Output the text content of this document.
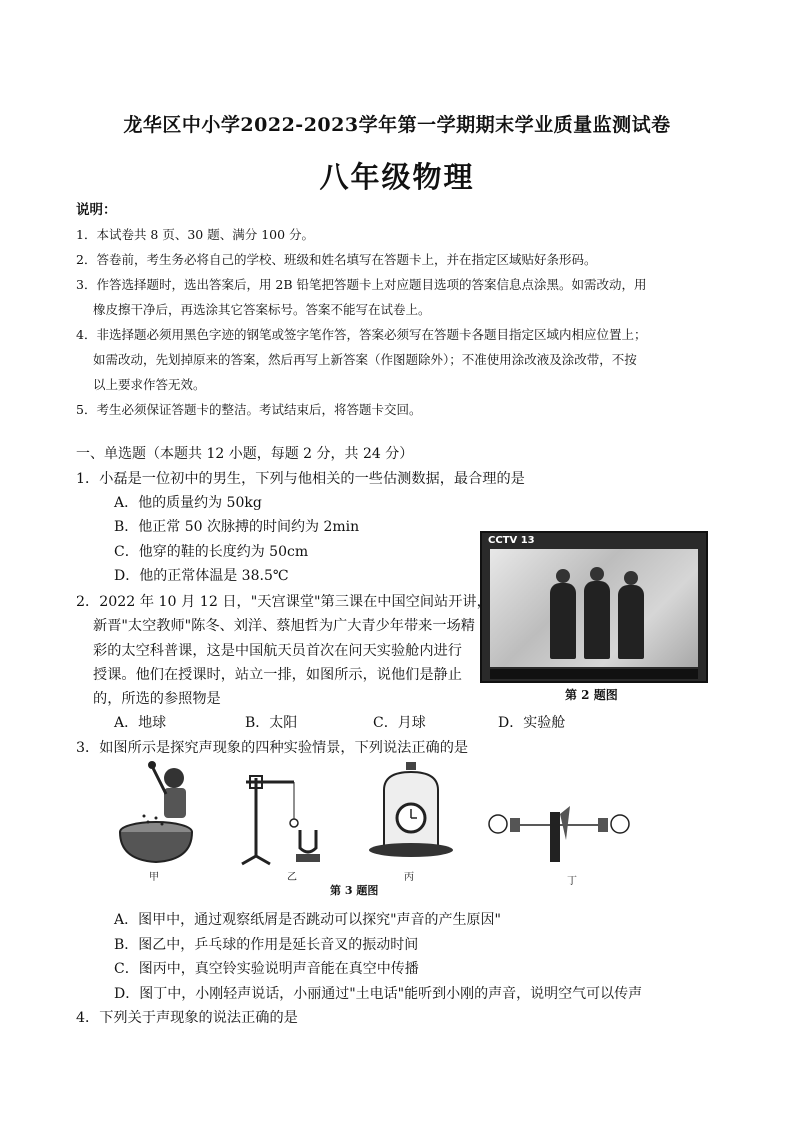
龙华区中小学2022-2023学年第一学期期末学业质量监测试卷
八年级物理
说明：
1．本试卷共 8 页、30 题、满分 100 分。
2．答卷前，考生务必将自己的学校、班级和姓名填写在答题卡上，并在指定区域贴好条形码。
3．作答选择题时，选出答案后，用 2B 铅笔把答题卡上对应题目选项的答案信息点涂黑。如需改动，用
橡皮擦干净后，再选涂其它答案标号。答案不能写在试卷上。
4．非选择题必须用黑色字迹的钢笔或签字笔作答，答案必须写在答题卡各题目指定区域内相应位置上；
如需改动，先划掉原来的答案，然后再写上新答案（作图题除外）；不准使用涂改液及涂改带，不按
以上要求作答无效。
5．考生必须保证答题卡的整洁。考试结束后，将答题卡交回。
一、单选题（本题共 12 小题，每题 2 分，共 24 分）
1．小磊是一位初中的男生，下列与他相关的一些估测数据，最合理的是
A．他的质量约为 50kg
B．他正常 50 次脉搏的时间约为 2min
C．他穿的鞋的长度约为 50cm
D．他的正常体温是 38.5℃
CCTV 13
第 2 题图
2．2022 年 10 月 12 日，"天宫课堂"第三课在中国空间站开讲，
新晋"太空教师"陈冬、刘洋、蔡旭哲为广大青少年带来一场精
彩的太空科普课，这是中国航天员首次在问天实验舱内进行
授课。他们在授课时，站立一排，如图所示，说他们是静止
的，所选的参照物是
A．地球	B．太阳	C．月球	D．实验舱
3．如图所示是探究声现象的四种实验情景，下列说法正确的是
甲	乙	丙	丁
第 3 题图
A．图甲中，通过观察纸屑是否跳动可以探究"声音的产生原因"
B．图乙中，乒乓球的作用是延长音叉的振动时间
C．图丙中，真空铃实验说明声音能在真空中传播
D．图丁中，小刚轻声说话，小丽通过"土电话"能听到小刚的声音，说明空气可以传声
4．下列关于声现象的说法正确的是
